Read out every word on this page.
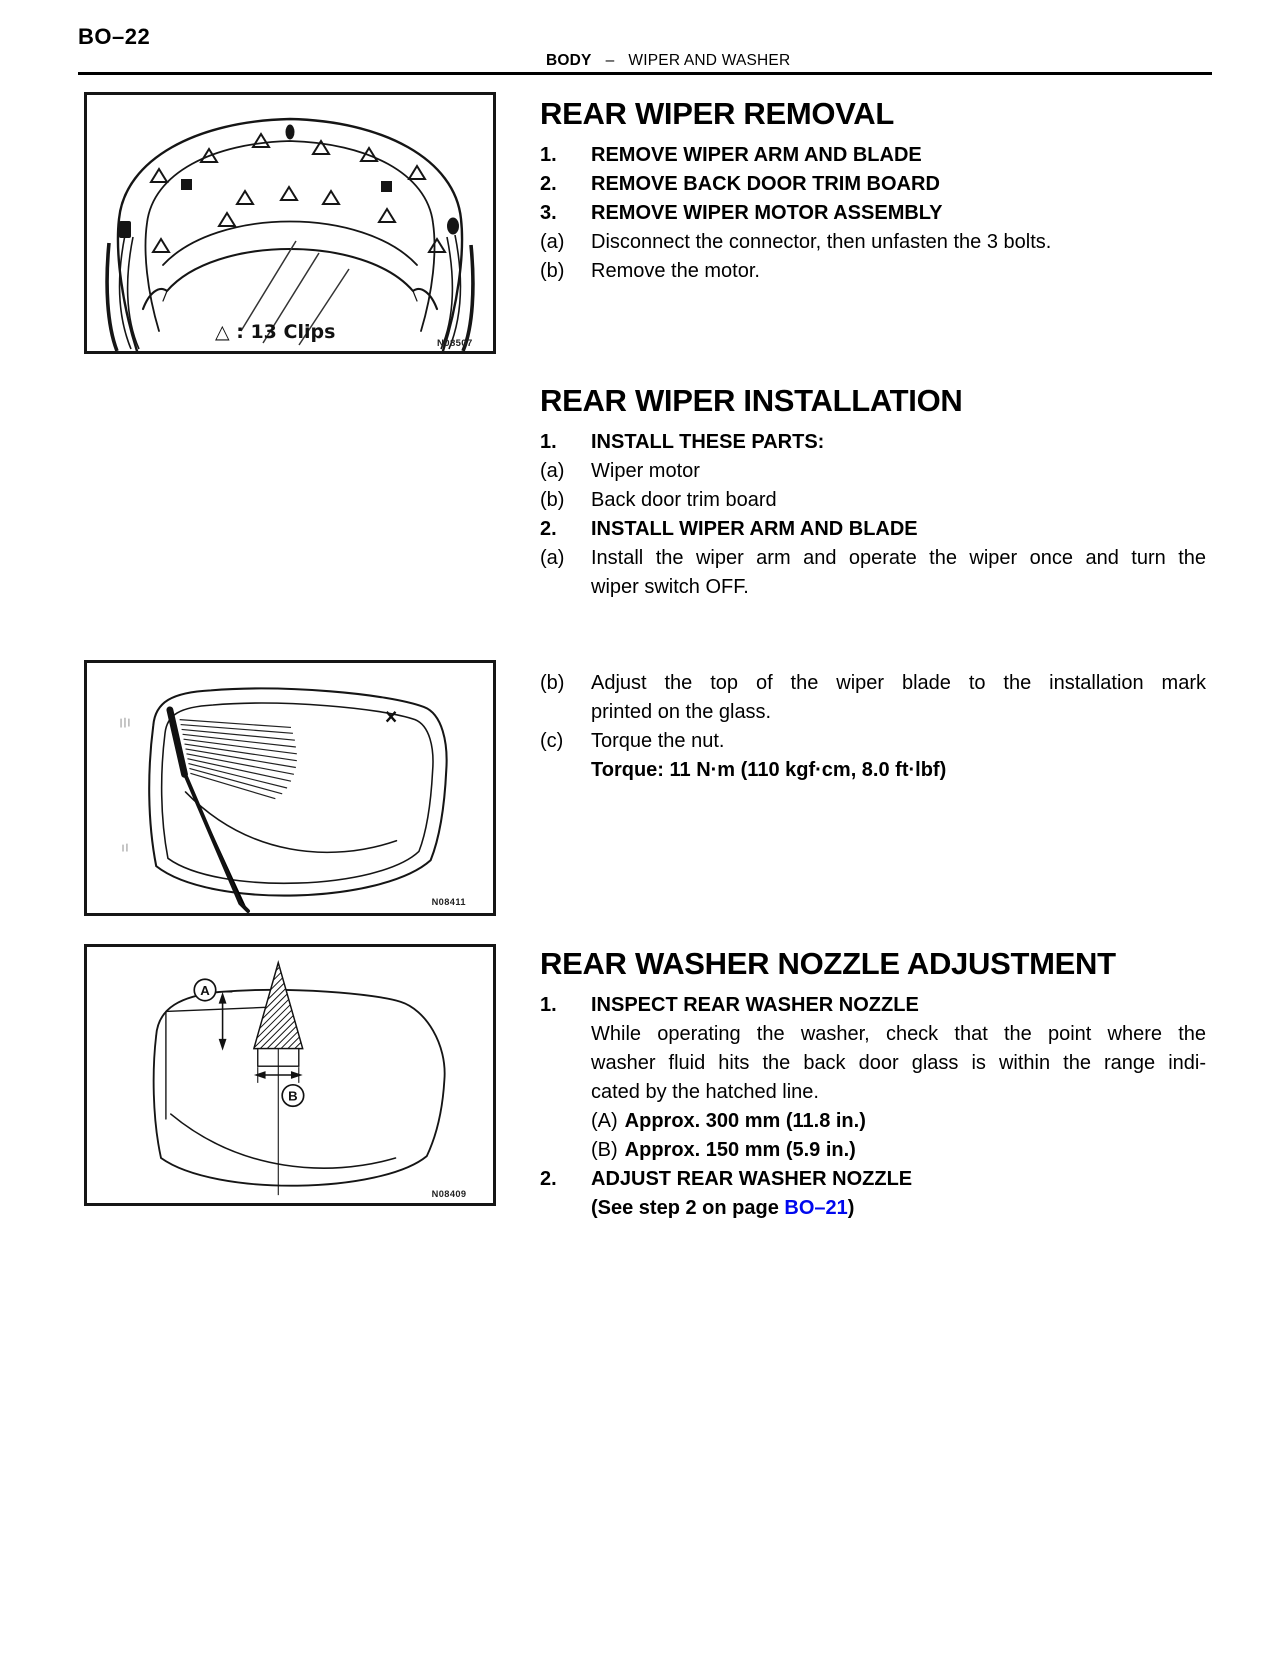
BO–22
BODY – WIPER AND WASHER
△ : 13 Clips
N08507
N08411
A
B
N08409
REAR WIPER REMOVAL
1.	REMOVE WIPER ARM AND BLADE
2.	REMOVE BACK DOOR TRIM BOARD
3.	REMOVE WIPER MOTOR ASSEMBLY
(a)	Disconnect the connector, then unfasten the 3 bolts.
(b)	Remove the motor.
REAR WIPER INSTALLATION
1.	INSTALL THESE PARTS:
(a)	Wiper motor
(b)	Back door trim board
2.	INSTALL WIPER ARM AND BLADE
(a)	Install the wiper arm and operate the wiper once and turn the
wiper switch OFF.
(b)	Adjust the top of the wiper blade to the installation mark
printed on the glass.
(c)	Torque the nut.
Torque: 11 N·m (110 kgf·cm, 8.0 ft·lbf)
REAR WASHER NOZZLE ADJUSTMENT
1.	INSPECT REAR WASHER NOZZLE
While operating the washer, check that the point where the
washer fluid hits the back door glass is within the range indi-
cated by the hatched line.
(A) Approx. 300 mm (11.8 in.)
(B) Approx. 150 mm (5.9 in.)
2.	ADJUST REAR WASHER NOZZLE
(See step 2 on page BO–21)
